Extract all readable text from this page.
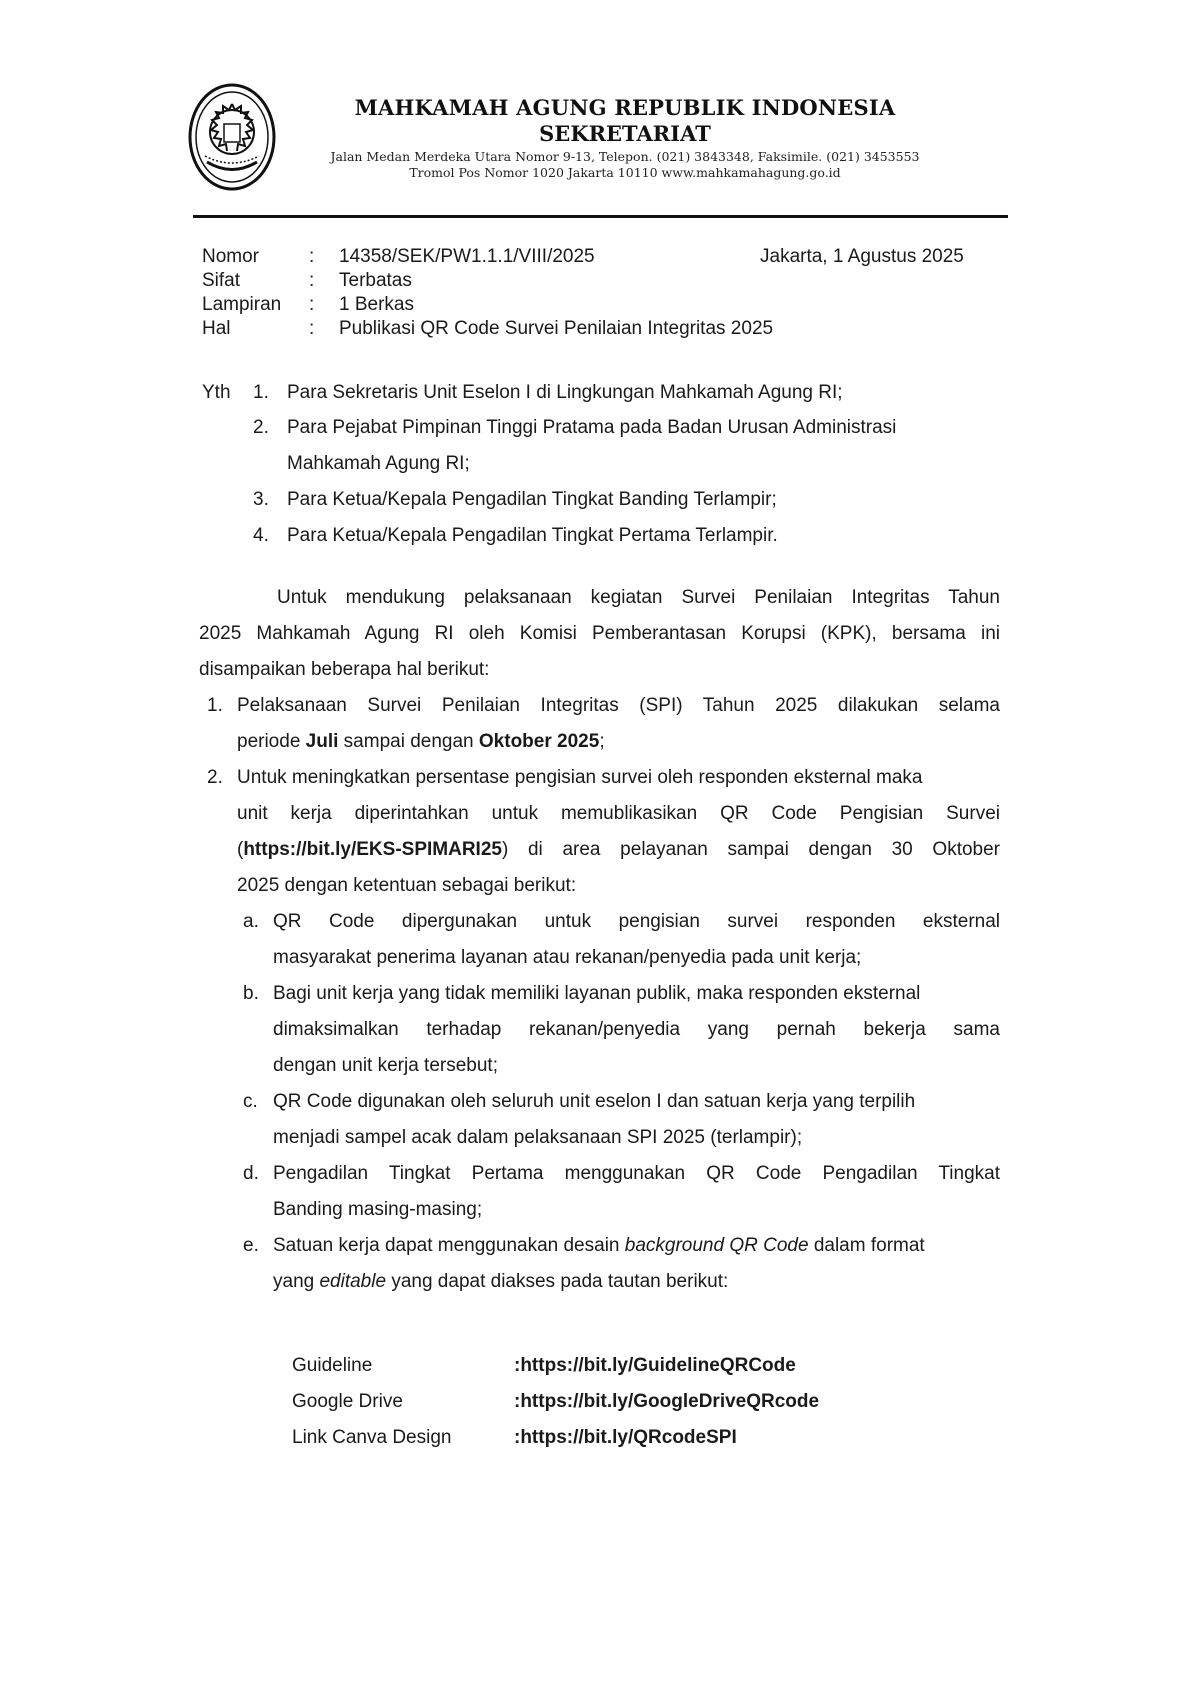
MAHKAMAH AGUNG REPUBLIK INDONESIA
SEKRETARIAT
Jalan Medan Merdeka Utara Nomor 9-13, Telepon. (021) 3843348, Faksimile. (021) 3453553
Tromol Pos Nomor 1020 Jakarta 10110 www.mahkamahagung.go.id
Nomor	:	14358/SEK/PW1.1.1/VIII/2025
Sifat	:	Terbatas
Lampiran	:	1 Berkas
Hal	:	Publikasi QR Code Survei Penilaian Integritas 2025
Jakarta, 1 Agustus 2025
Yth 1. Para Sekretaris Unit Eselon I di Lingkungan Mahkamah Agung RI;
2. Para Pejabat Pimpinan Tinggi Pratama pada Badan Urusan Administrasi
Mahkamah Agung RI;
3. Para Ketua/Kepala Pengadilan Tingkat Banding Terlampir;
4. Para Ketua/Kepala Pengadilan Tingkat Pertama Terlampir.
Untuk mendukung pelaksanaan kegiatan Survei Penilaian Integritas Tahun
2025 Mahkamah Agung RI oleh Komisi Pemberantasan Korupsi (KPK), bersama ini
disampaikan beberapa hal berikut:
1. Pelaksanaan Survei Penilaian Integritas (SPI) Tahun 2025 dilakukan selama
periode Juli sampai dengan Oktober 2025;
2. Untuk meningkatkan persentase pengisian survei oleh responden eksternal maka
unit kerja diperintahkan untuk memublikasikan QR Code Pengisian Survei
(https://bit.ly/EKS-SPIMARI25) di area pelayanan sampai dengan 30 Oktober
2025 dengan ketentuan sebagai berikut:
a. QR Code dipergunakan untuk pengisian survei responden eksternal
masyarakat penerima layanan atau rekanan/penyedia pada unit kerja;
b. Bagi unit kerja yang tidak memiliki layanan publik, maka responden eksternal
dimaksimalkan terhadap rekanan/penyedia yang pernah bekerja sama
dengan unit kerja tersebut;
c. QR Code digunakan oleh seluruh unit eselon I dan satuan kerja yang terpilih
menjadi sampel acak dalam pelaksanaan SPI 2025 (terlampir);
d. Pengadilan Tingkat Pertama menggunakan QR Code Pengadilan Tingkat
Banding masing-masing;
e. Satuan kerja dapat menggunakan desain background QR Code dalam format
yang editable yang dapat diakses pada tautan berikut:
Guideline	: https://bit.ly/GuidelineQRCode
Google Drive	: https://bit.ly/GoogleDriveQRcode
Link Canva Design	: https://bit.ly/QRcodeSPI
